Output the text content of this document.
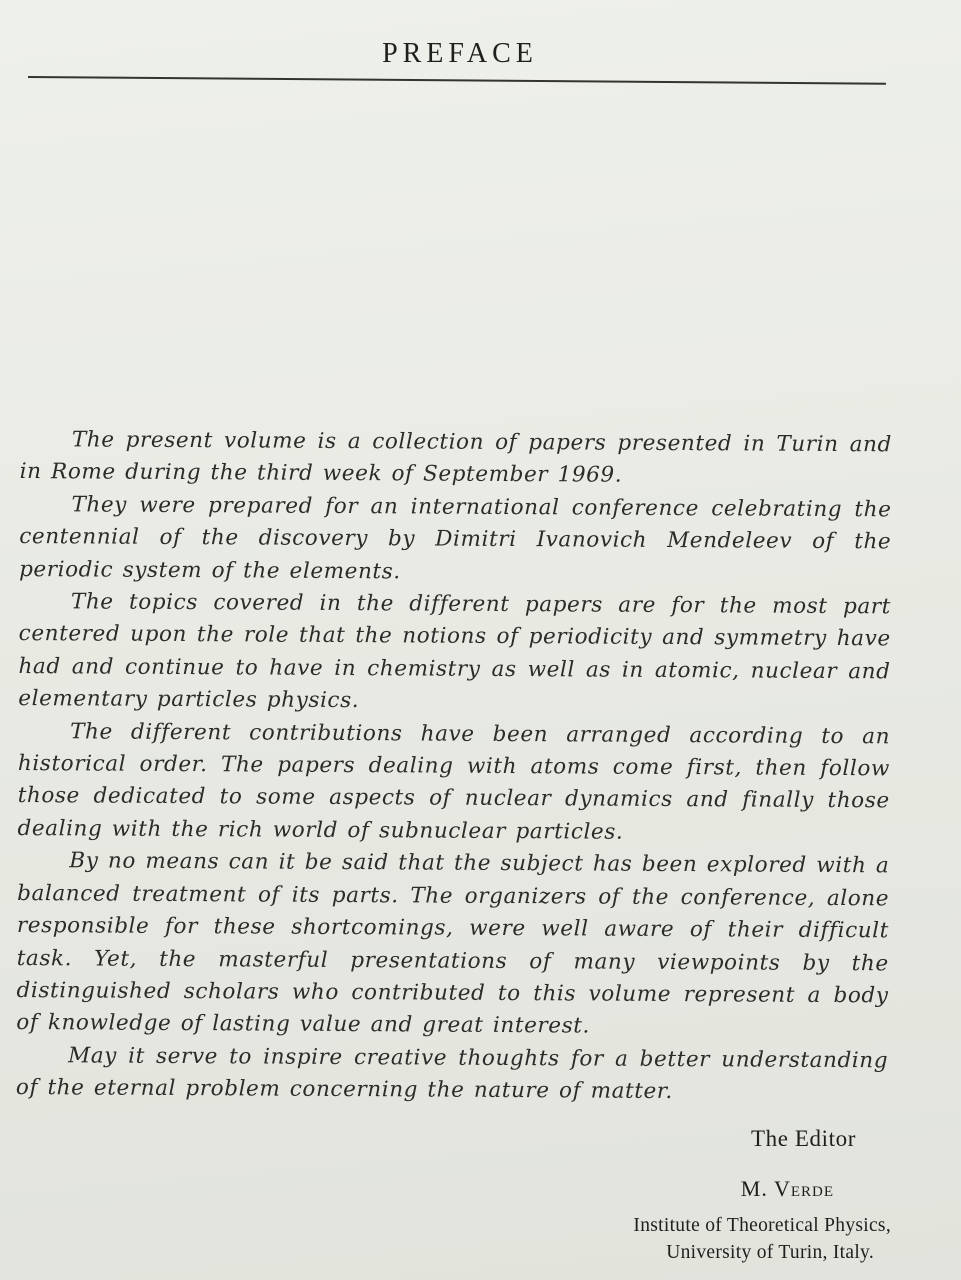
PREFACE

The present volume is a collection of papers presented in Turin and in Rome during the third week of September 1969.

They were prepared for an international conference celebrating the centennial of the discovery by Dimitri Ivanovich Mendeleev of the periodic system of the elements.

The topics covered in the different papers are for the most part centered upon the role that the notions of periodicity and symmetry have had and continue to have in chemistry as well as in atomic, nuclear and elementary particles physics.

The different contributions have been arranged according to an historical order. The papers dealing with atoms come first, then follow those dedicated to some aspects of nuclear dynamics and finally those dealing with the rich world of subnuclear particles.

By no means can it be said that the subject has been explored with a balanced treatment of its parts. The organizers of the conference, alone responsible for these shortcomings, were well aware of their difficult task. Yet, the masterful presentations of many viewpoints by the distinguished scholars who contributed to this volume represent a body of knowledge of lasting value and great interest.

May it serve to inspire creative thoughts for a better understanding of the eternal problem concerning the nature of matter.

The Editor
M. Verde
Institute of Theoretical Physics,
University of Turin, Italy.
